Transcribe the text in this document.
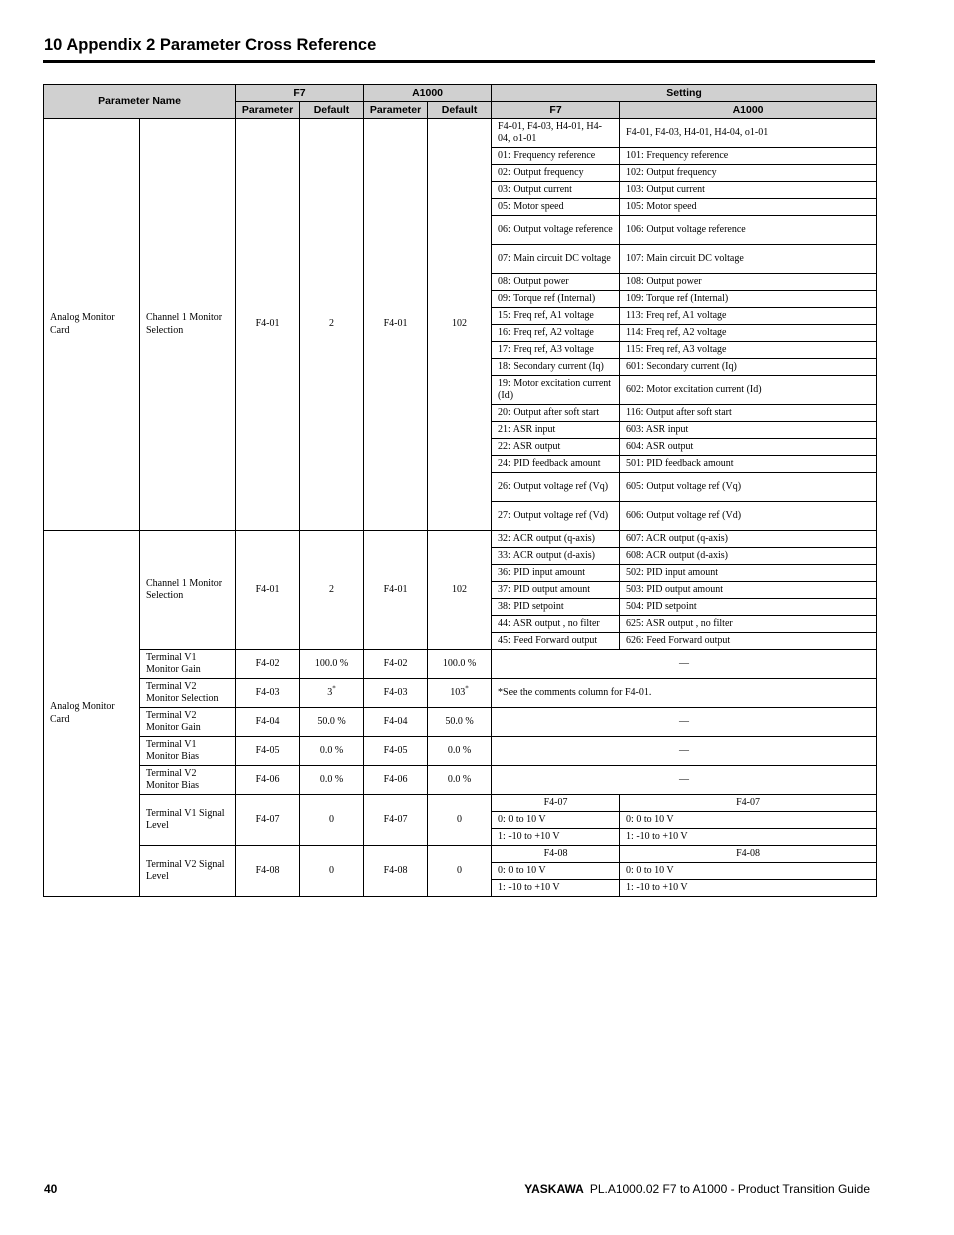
10 Appendix 2 Parameter Cross Reference
Parameter Name		F7		A1000		Setting	
		Parameter	Default	Parameter	Default	F7	A1000
Analog Monitor Card	Channel 1 Monitor Selection	F4-01	2	F4-01	102	F4-01, F4-03, H4-01, H4-04, o1-01	F4-01, F4-03, H4-01, H4-04, o1-01
						01: Frequency reference	101: Frequency reference
						02: Output frequency	102: Output frequency
						03: Output current	103: Output current
						05: Motor speed	105: Motor speed
						06: Output voltage reference	106: Output voltage reference
						07: Main circuit DC voltage	107: Main circuit DC voltage
						08: Output power	108: Output power
						09: Torque ref (Internal)	109: Torque ref (Internal)
						15: Freq ref, A1 voltage	113: Freq ref, A1 voltage
						16: Freq ref, A2 voltage	114: Freq ref, A2 voltage
						17: Freq ref, A3 voltage	115: Freq ref, A3 voltage
						18: Secondary current (Iq)	601: Secondary current (Iq)
						19: Motor excitation current (Id)	602: Motor excitation current (Id)
						20: Output after soft start	116: Output after soft start
						21: ASR input	603: ASR input
						22: ASR output	604: ASR output
						24: PID feedback amount	501: PID feedback amount
						26: Output voltage ref (Vq)	605: Output voltage ref (Vq)
						27: Output voltage ref (Vd)	606: Output voltage ref (Vd)
Analog Monitor Card	Channel 1 Monitor Selection	F4-01	2	F4-01	102	32: ACR output (q-axis)	607: ACR output (q-axis)
						33: ACR output (d-axis)	608: ACR output (d-axis)
						36: PID input amount	502: PID input amount
						37: PID output amount	503: PID output amount
						38: PID setpoint	504: PID setpoint
						44: ASR output , no filter	625: ASR output , no filter
						45: Feed Forward output	626: Feed Forward output
	Terminal V1 Monitor Gain	F4-02	100.0 %	F4-02	100.0 %	—	
	Terminal V2 Monitor Selection	F4-03	3*	F4-03	103*	*See the comments column for F4-01.	
	Terminal V2 Monitor Gain	F4-04	50.0 %	F4-04	50.0 %	—	
	Terminal V1 Monitor Bias	F4-05	0.0 %	F4-05	0.0 %	—	
	Terminal V2 Monitor Bias	F4-06	0.0 %	F4-06	0.0 %	—	
	Terminal V1 Signal Level	F4-07	0	F4-07	0	F4-07	F4-07
						0: 0 to 10 V	0: 0 to 10 V
						1: -10 to +10 V	1: -10 to +10 V
	Terminal V2 Signal Level	F4-08	0	F4-08	0	F4-08	F4-08
						0: 0 to 10 V	0: 0 to 10 V
						1: -10 to +10 V	1: -10 to +10 V
40	YASKAWA PL.A1000.02 F7 to A1000 - Product Transition Guide
